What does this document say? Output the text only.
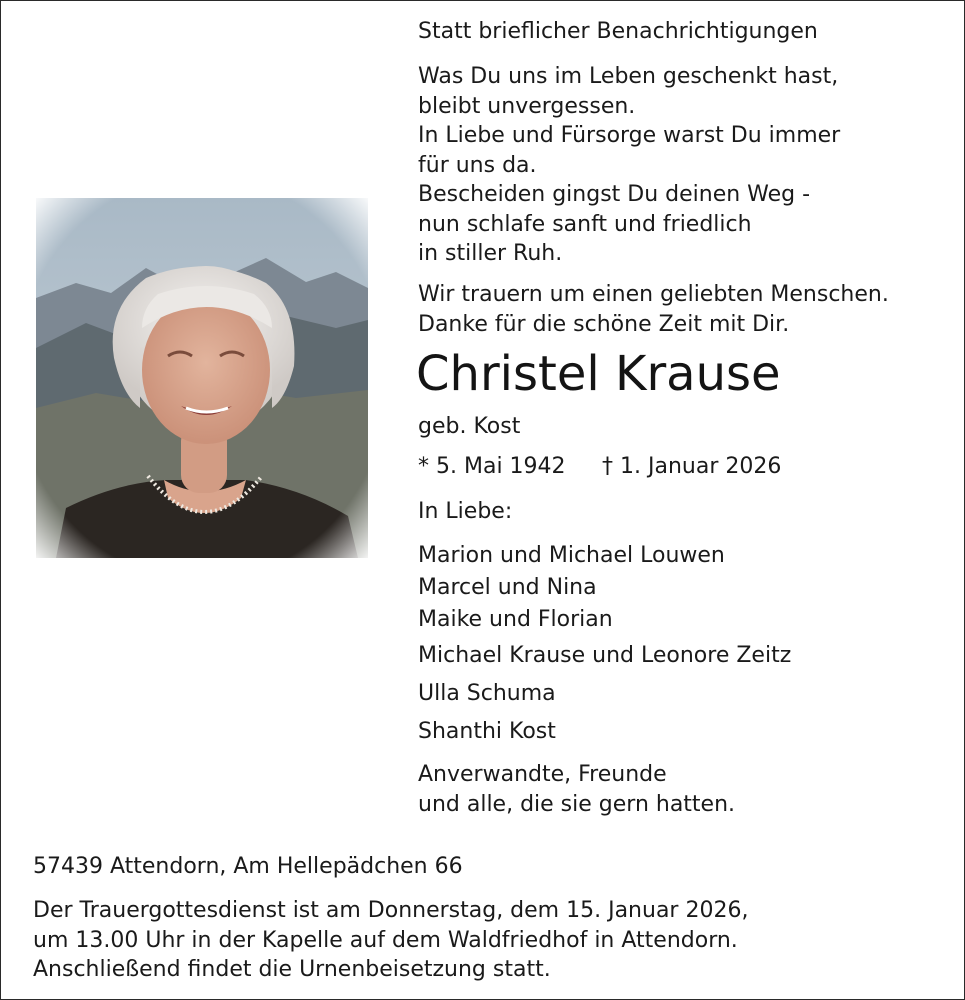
Statt brieflicher Benachrichtigungen
Was Du uns im Leben geschenkt hast,
bleibt unvergessen.
In Liebe und Fürsorge warst Du immer
für uns da.
Bescheiden gingst Du deinen Weg -
nun schlafe sanft und friedlich
in stiller Ruh.
Wir trauern um einen geliebten Menschen.
Danke für die schöne Zeit mit Dir.
Christel Krause
geb. Kost
* 5. Mai 1942 † 1. Januar 2026
In Liebe:
Marion und Michael Louwen
Marcel und Nina
Maike und Florian
Michael Krause und Leonore Zeitz
Ulla Schuma
Shanthi Kost
Anverwandte, Freunde
und alle, die sie gern hatten.
57439 Attendorn, Am Hellepädchen 66
Der Trauergottesdienst ist am Donnerstag, dem 15. Januar 2026,
um 13.00 Uhr in der Kapelle auf dem Waldfriedhof in Attendorn.
Anschließend findet die Urnenbeisetzung statt.
